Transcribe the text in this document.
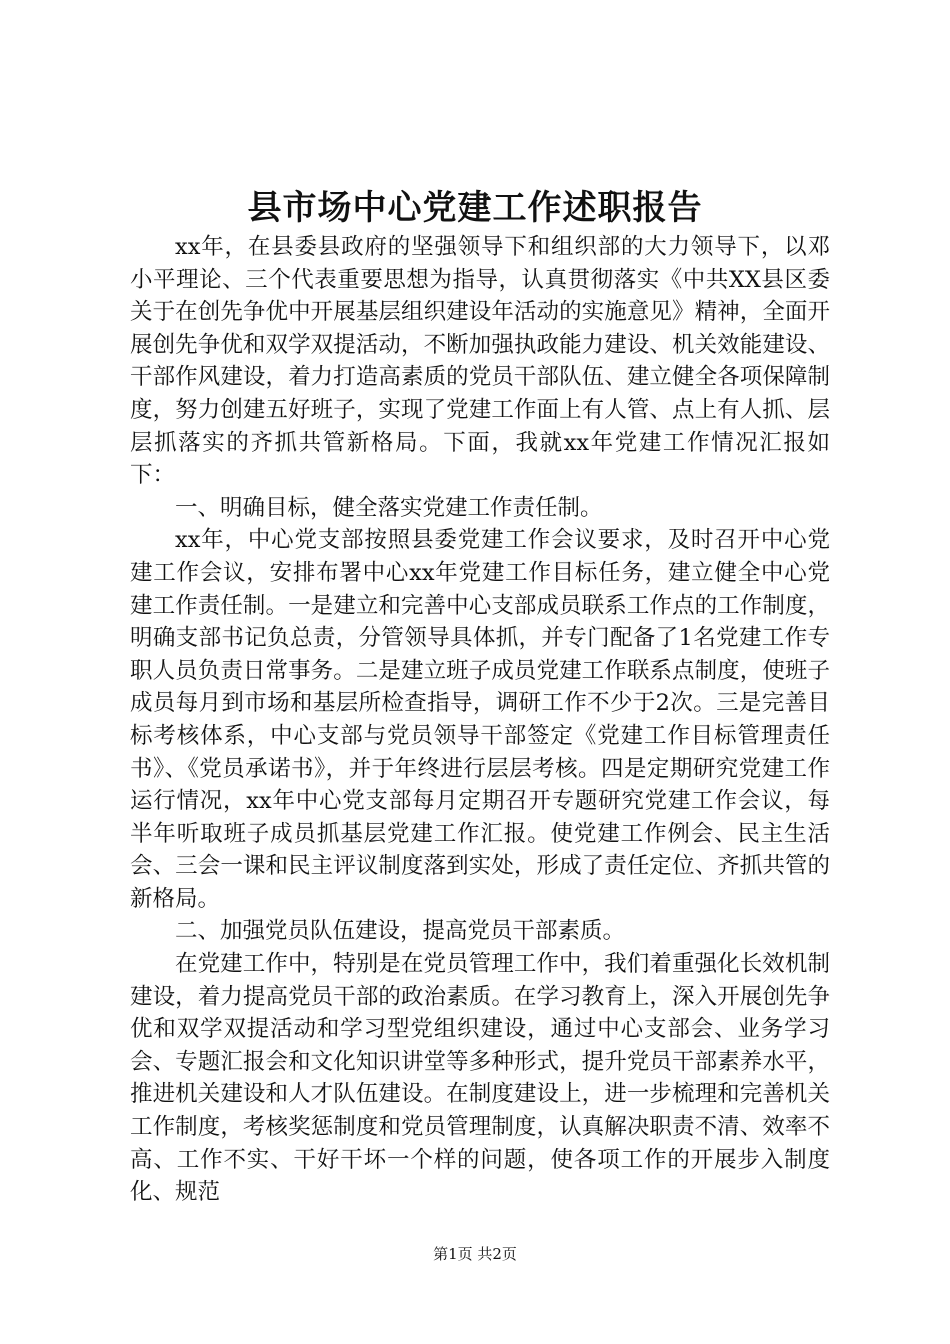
县市场中心党建工作述职报告

xx年，在县委县政府的坚强领导下和组织部的大力领导下，以邓小平理论、三个代表重要思想为指导，认真贯彻落实《中共XX县区委关于在创先争优中开展基层组织建设年活动的实施意见》精神，全面开展创先争优和双学双提活动，不断加强执政能力建设、机关效能建设、干部作风建设，着力打造高素质的党员干部队伍、建立健全各项保障制度，努力创建五好班子，实现了党建工作面上有人管、点上有人抓、层层抓落实的齐抓共管新格局。下面，我就xx年党建工作情况汇报如下：

一、明确目标，健全落实党建工作责任制。

xx年，中心党支部按照县委党建工作会议要求，及时召开中心党建工作会议，安排布署中心xx年党建工作目标任务，建立健全中心党建工作责任制。一是建立和完善中心支部成员联系工作点的工作制度，明确支部书记负总责，分管领导具体抓，并专门配备了1名党建工作专职人员负责日常事务。二是建立班子成员党建工作联系点制度，使班子成员每月到市场和基层所检查指导，调研工作不少于2次。三是完善目标考核体系，中心支部与党员领导干部签定《党建工作目标管理责任书》、《党员承诺书》，并于年终进行层层考核。四是定期研究党建工作运行情况，xx年中心党支部每月定期召开专题研究党建工作会议，每半年听取班子成员抓基层党建工作汇报。使党建工作例会、民主生活会、三会一课和民主评议制度落到实处，形成了责任定位、齐抓共管的新格局。

二、加强党员队伍建设，提高党员干部素质。

在党建工作中，特别是在党员管理工作中，我们着重强化长效机制建设，着力提高党员干部的政治素质。在学习教育上，深入开展创先争优和双学双提活动和学习型党组织建设，通过中心支部会、业务学习会、专题汇报会和文化知识讲堂等多种形式，提升党员干部素养水平，推进机关建设和人才队伍建设。在制度建设上，进一步梳理和完善机关工作制度，考核奖惩制度和党员管理制度，认真解决职责不清、效率不高、工作不实、干好干坏一个样的问题，使各项工作的开展步入制度化、规范

第1页 共2页
